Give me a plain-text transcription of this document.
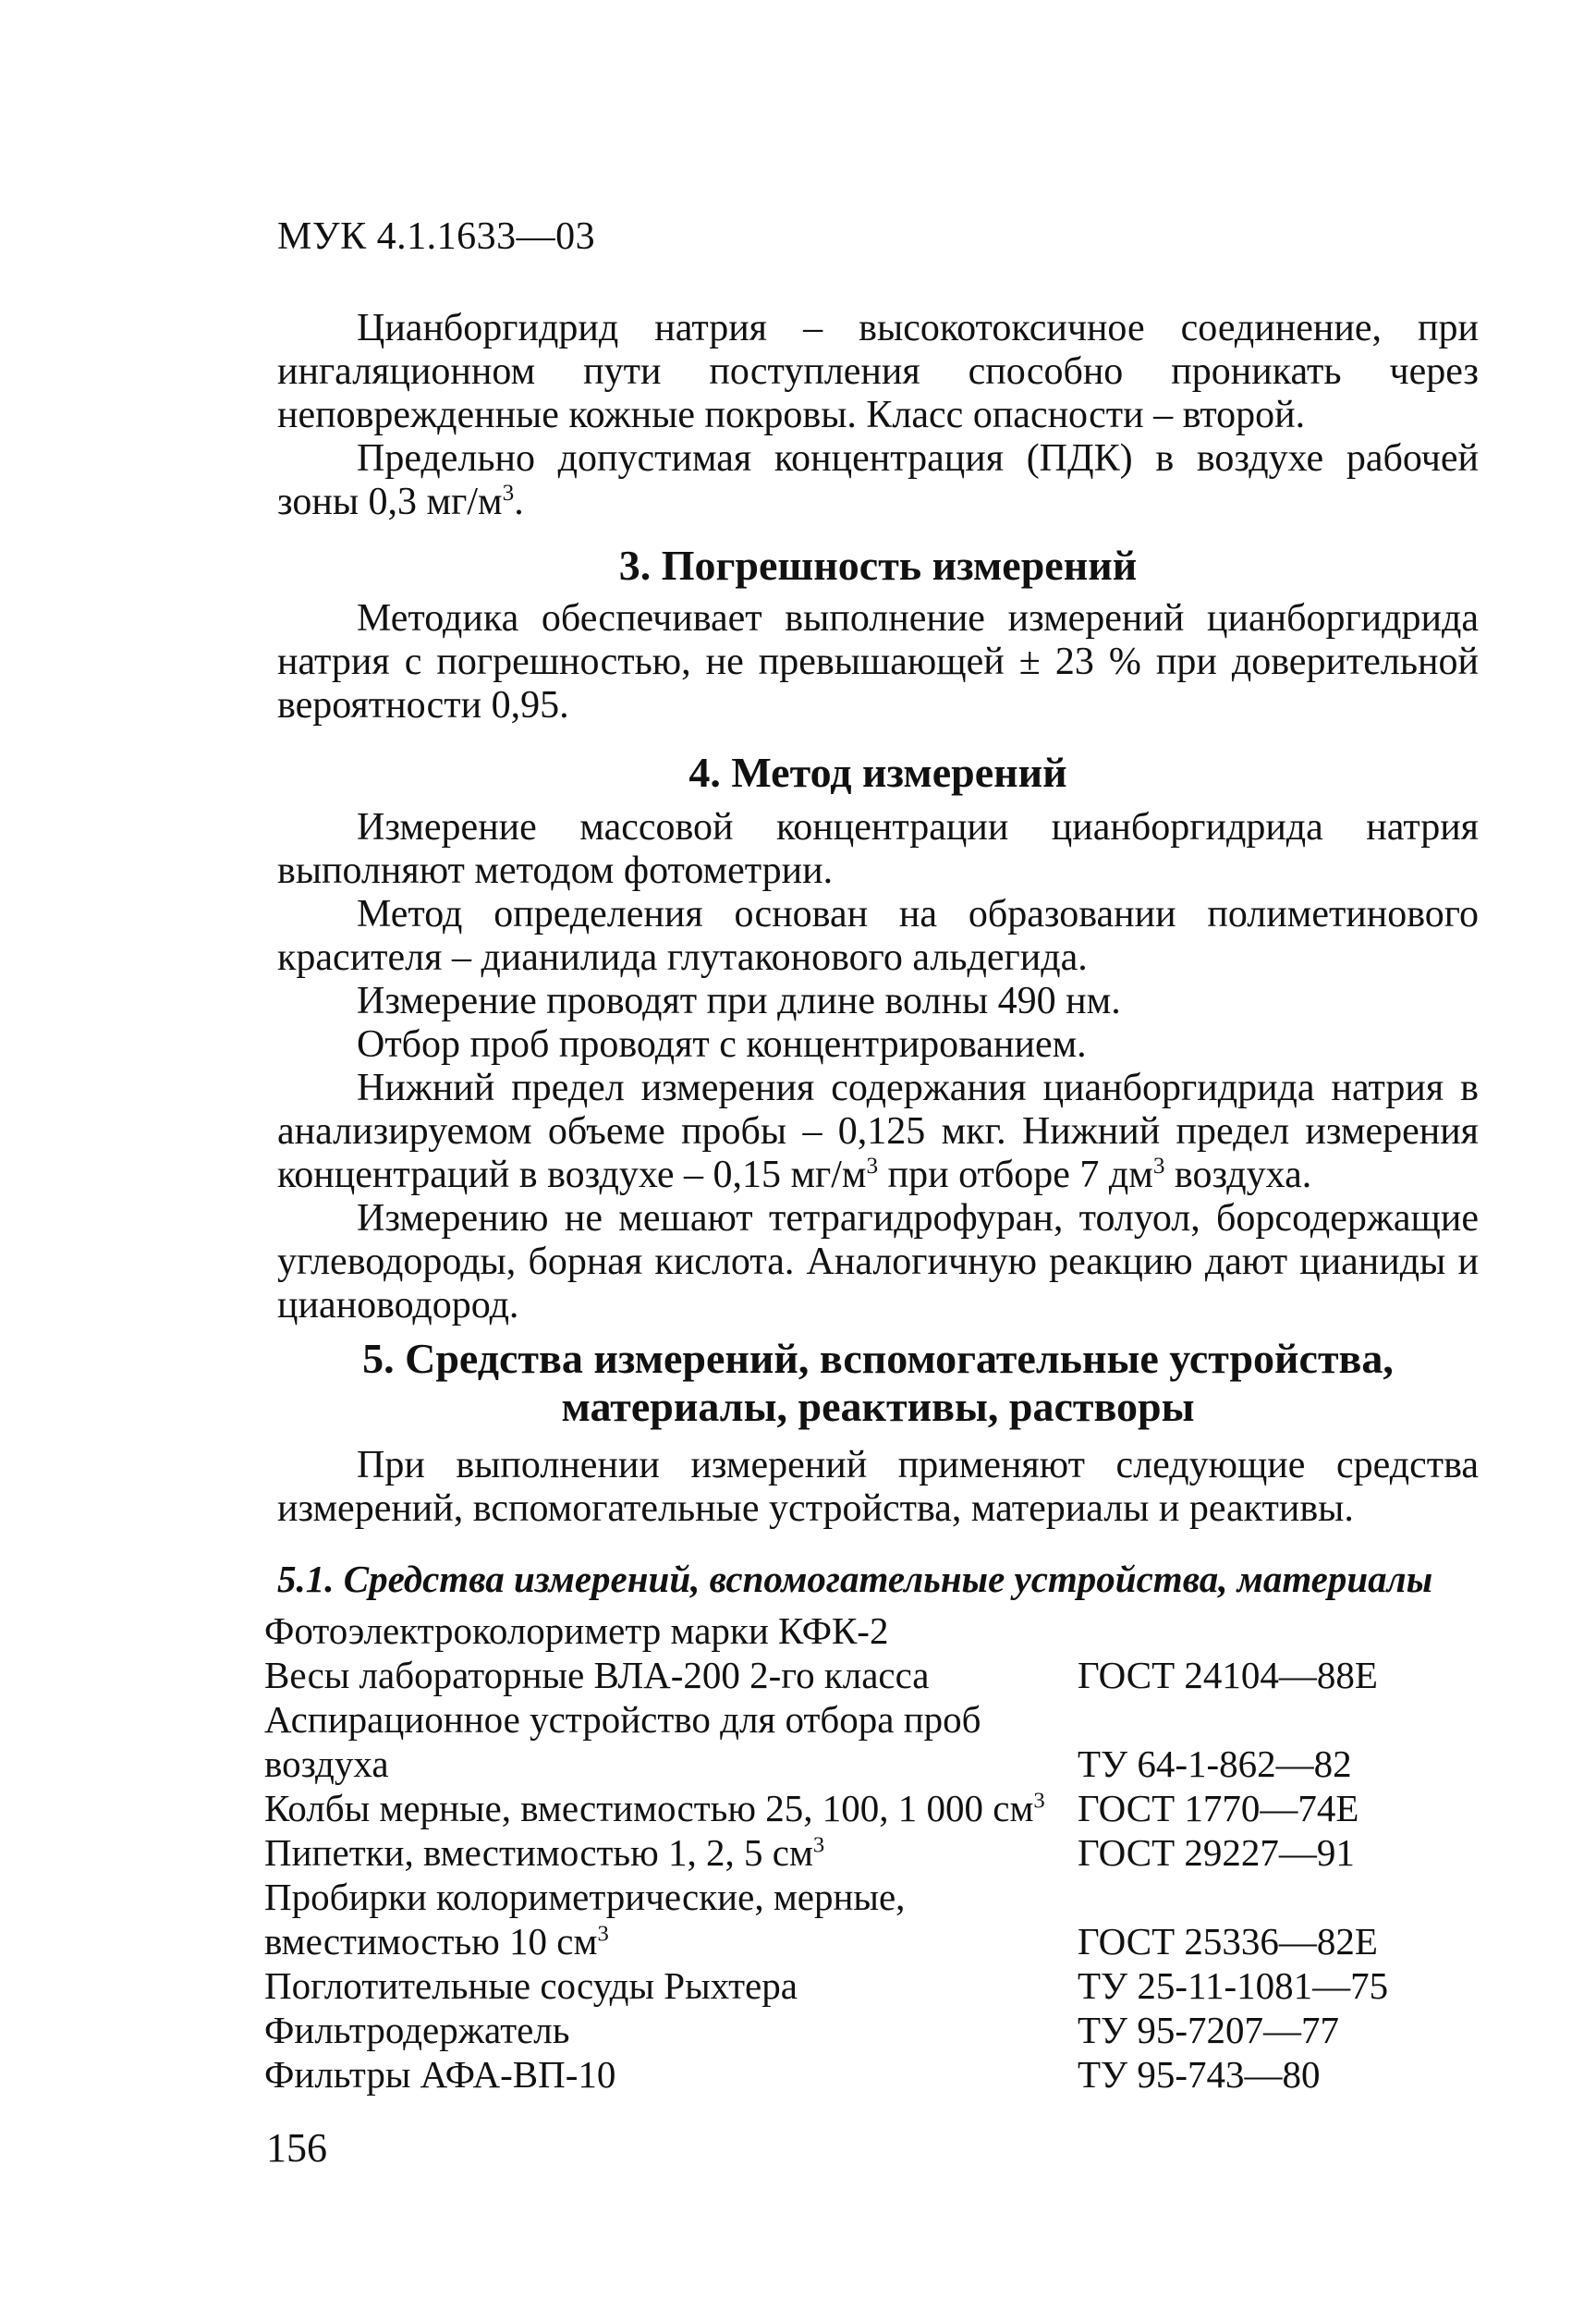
МУК 4.1.1633—03

Цианборгидрид натрия – высокотоксичное соединение, при ингаляционном пути поступления способно проникать через неповрежденные кожные покровы. Класс опасности – второй.

Предельно допустимая концентрация (ПДК) в воздухе рабочей зоны 0,3 $мг/м^3$.

3. Погрешность измерений

Методика обеспечивает выполнение измерений цианборгидрида натрия с погрешностью, не превышающей ± 23 % при доверительной вероятности 0,95.

4. Метод измерений

Измерение массовой концентрации цианборгидрида натрия выполняют методом фотометрии.

Метод определения основан на образовании полиметинового красителя – дианилида глутаконового альдегида.

Измерение проводят при длине волны 490 нм.

Отбор проб проводят с концентрированием.

Нижний предел измерения содержания цианборгидрида натрия в анализируемом объеме пробы – 0,125 мкг. Нижний предел измерения концентраций в воздухе – 0,15 $мг/м^3$ при отборе 7 $дм^3$ воздуха.

Измерению не мешают тетрагидрофуран, толуол, борсодержащие углеводороды, борная кислота. Аналогичную реакцию дают цианиды и циановодород.

5. Средства измерений, вспомогательные устройства,
материалы, реактивы, растворы

При выполнении измерений применяют следующие средства измерений, вспомогательные устройства, материалы и реактивы.

5.1. Средства измерений, вспомогательные устройства, материалы
Фотоэлектроколориметр марки КФК-2
Весы лабораторные ВЛА-200 2-го класса	ГОСТ 24104—88Е
Аспирационное устройство для отбора проб
воздуха	ТУ 64-1-862—82
Колбы мерные, вместимостью 25, 100, 1 000 $см^3$ ГОСТ 1770—74Е
Пипетки, вместимостью 1, 2, 5 $см^3$	ГОСТ 29227—91
Пробирки колориметрические, мерные,
вместимостью 10 $см^3$	ГОСТ 25336—82Е
Поглотительные сосуды Рыхтера	ТУ 25-11-1081—75
Фильтродержатель	ТУ 95-7207—77
Фильтры АФА-ВП-10	ТУ 95-743—80
156
